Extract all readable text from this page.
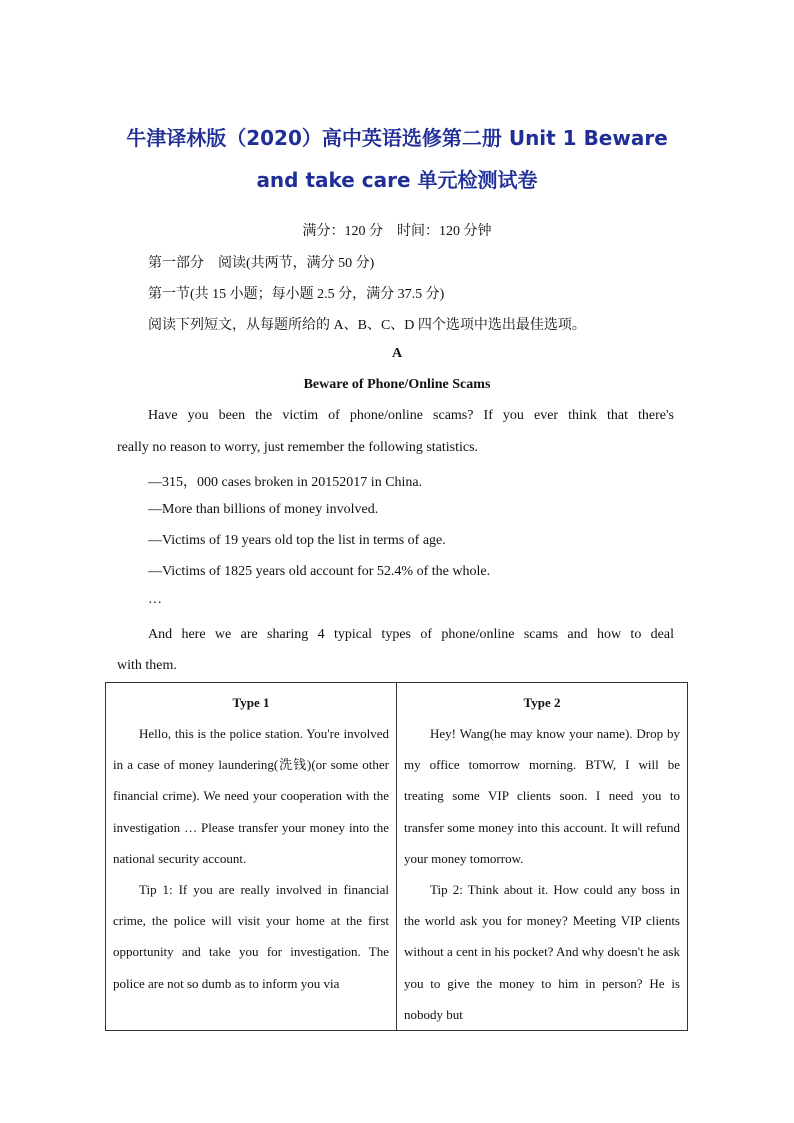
牛津译林版（2020）高中英语选修第二册 Unit 1 Beware
and take care 单元检测试卷
满分：120 分　时间：120 分钟
第一部分　阅读(共两节，满分 50 分)
第一节(共 15 小题；每小题 2.5 分，满分 37.5 分)
阅读下列短文，从每题所给的 A、B、C、D 四个选项中选出最佳选项。
A
Beware of Phone/Online Scams
Have you been the victim of phone/online scams? If you ever think that there's
really no reason to worry, just remember the following statistics.
—315，000 cases broken in 20152017 in China.
—More than billions of money involved.
—Victims of 19 years old top the list in terms of age.
—Victims of 1825 years old account for 52.4% of the whole.
…
And here we are sharing 4 typical types of phone/online scams and how to deal
with them.
Type 1

Hello, this is the police station. You're involved in a case of money laundering(洗钱)(or some other financial crime). We need your cooperation with the investigation … Please transfer your money into the national security account.

Tip 1: If you are really involved in financial crime, the police will visit your home at the first opportunity and take you for investigation. The police are not so dumb as to inform you via

Type 2

Hey! Wang(he may know your name). Drop by my office tomorrow morning. BTW, I will be treating some VIP clients soon. I need you to transfer some money into this account. It will refund your money tomorrow.

Tip 2: Think about it. How could any boss in the world ask you for money? Meeting VIP clients without a cent in his pocket? And why doesn't he ask you to give the money to him in person? He is nobody but
